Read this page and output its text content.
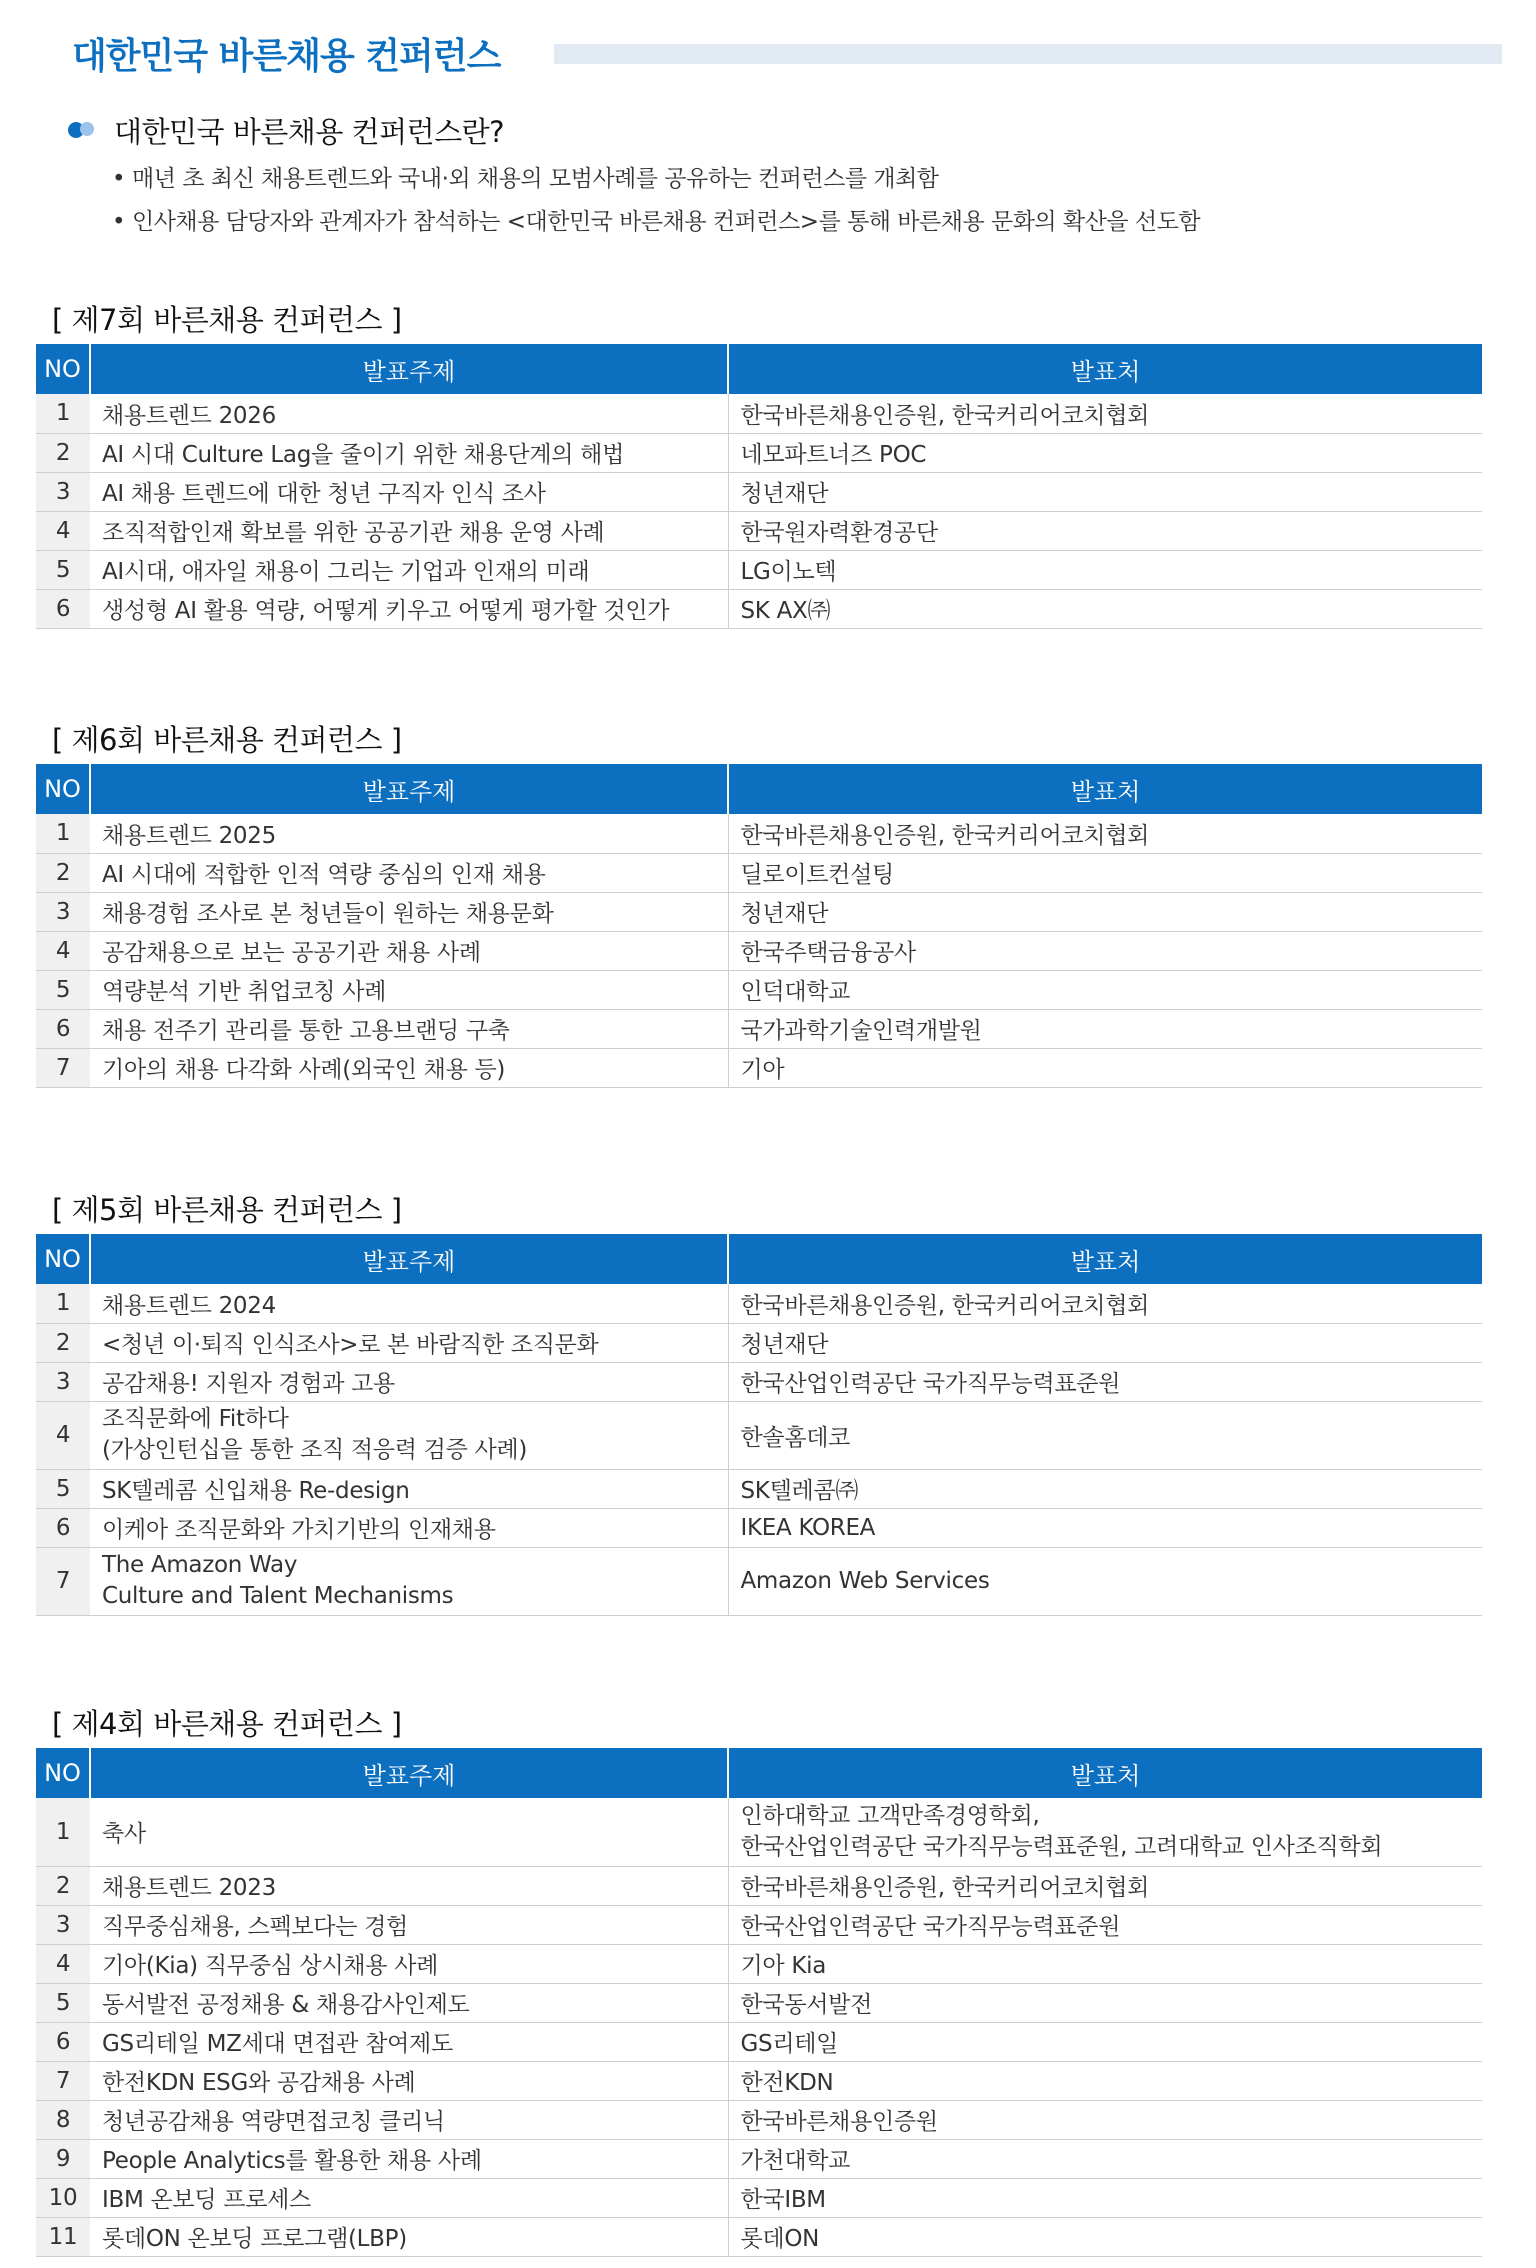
대한민국 바른채용 컨퍼런스
대한민국 바른채용 컨퍼런스란?
• 매년 초 최신 채용트렌드와 국내·외 채용의 모범사례를 공유하는 컨퍼런스를 개최함
• 인사채용 담당자와 관계자가 참석하는 <대한민국 바른채용 컨퍼런스>를 통해 바른채용 문화의 확산을 선도함
[ 제7회 바른채용 컨퍼런스 ]
NO	발표주제	발표처

1	채용트렌드 2026	한국바른채용인증원, 한국커리어코치협회

2	AI 시대 Culture Lag을 줄이기 위한 채용단계의 해법	네모파트너즈 POC

3	AI 채용 트렌드에 대한 청년 구직자 인식 조사	청년재단

4	조직적합인재 확보를 위한 공공기관 채용 운영 사례	한국원자력환경공단

5	AI시대, 애자일 채용이 그리는 기업과 인재의 미래	LG이노텍

6	생성형 AI 활용 역량, 어떻게 키우고 어떻게 평가할 것인가	SK AX㈜
[ 제6회 바른채용 컨퍼런스 ]
NO	발표주제	발표처

1	채용트렌드 2025	한국바른채용인증원, 한국커리어코치협회

2	AI 시대에 적합한 인적 역량 중심의 인재 채용	딜로이트컨설팅

3	채용경험 조사로 본 청년들이 원하는 채용문화	청년재단

4	공감채용으로 보는 공공기관 채용 사례	한국주택금융공사

5	역량분석 기반 취업코칭 사례	인덕대학교

6	채용 전주기 관리를 통한 고용브랜딩 구축	국가과학기술인력개발원

7	기아의 채용 다각화 사례(외국인 채용 등)	기아
[ 제5회 바른채용 컨퍼런스 ]
NO	발표주제	발표처

1	채용트렌드 2024	한국바른채용인증원, 한국커리어코치협회

2	<청년 이·퇴직 인식조사>로 본 바람직한 조직문화	청년재단

3	공감채용! 지원자 경험과 고용	한국산업인력공단 국가직무능력표준원

4	조직문화에 Fit하다
(가상인턴십을 통한 조직 적응력 검증 사례)	한솔홈데코

5	SK텔레콤 신입채용 Re-design	SK텔레콤㈜

6	이케아 조직문화와 가치기반의 인재채용	IKEA KOREA

7	The Amazon Way
Culture and Talent Mechanisms	Amazon Web Services
[ 제4회 바른채용 컨퍼런스 ]
NO	발표주제	발표처

1	축사	인하대학교 고객만족경영학회,
한국산업인력공단 국가직무능력표준원, 고려대학교 인사조직학회

2	채용트렌드 2023	한국바른채용인증원, 한국커리어코치협회

3	직무중심채용, 스펙보다는 경험	한국산업인력공단 국가직무능력표준원

4	기아(Kia) 직무중심 상시채용 사례	기아 Kia

5	동서발전 공정채용 & 채용감사인제도	한국동서발전

6	GS리테일 MZ세대 면접관 참여제도	GS리테일

7	한전KDN ESG와 공감채용 사례	한전KDN

8	청년공감채용 역량면접코칭 클리닉	한국바른채용인증원

9	People Analytics를 활용한 채용 사례	가천대학교

10	IBM 온보딩 프로세스	한국IBM

11	롯데ON 온보딩 프로그램(LBP)	롯데ON
